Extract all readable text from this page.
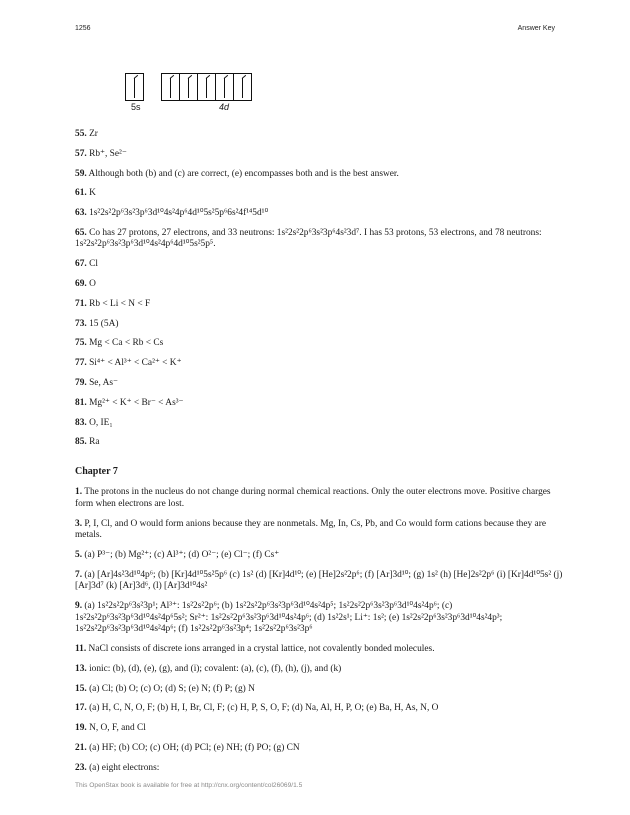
1256	Answer Key
5s	4d
55. Zr
57. Rb⁺, Se²⁻
59. Although both (b) and (c) are correct, (e) encompasses both and is the best answer.
61. K
63. 1s²2s²2p⁶3s²3p⁶3d¹⁰4s²4p⁶4d¹⁰5s²5p⁶6s²4f¹⁴5d¹⁰
65. Co has 27 protons, 27 electrons, and 33 neutrons: 1s²2s²2p⁶3s²3p⁶4s²3d⁷. I has 53 protons, 53 electrons, and 78 neutrons: 1s²2s²2p⁶3s²3p⁶3d¹⁰4s²4p⁶4d¹⁰5s²5p⁵.
67. Cl
69. O
71. Rb < Li < N < F
73. 15 (5A)
75. Mg < Ca < Rb < Cs
77. Si⁴⁺ < Al³⁺ < Ca²⁺ < K⁺
79. Se, As⁻
81. Mg²⁺ < K⁺ < Br⁻ < As³⁻
83. O, IE₁
85. Ra
Chapter 7
1. The protons in the nucleus do not change during normal chemical reactions. Only the outer electrons move. Positive charges form when electrons are lost.
3. P, I, Cl, and O would form anions because they are nonmetals. Mg, In, Cs, Pb, and Co would form cations because they are metals.
5. (a) P³⁻; (b) Mg²⁺; (c) Al³⁺; (d) O²⁻; (e) Cl⁻; (f) Cs⁺
7. (a) [Ar]4s²3d¹⁰4p⁶; (b) [Kr]4d¹⁰5s²5p⁶ (c) 1s² (d) [Kr]4d¹⁰; (e) [He]2s²2p⁶; (f) [Ar]3d¹⁰; (g) 1s² (h) [He]2s²2p⁶ (i) [Kr]4d¹⁰5s² (j) [Ar]3d⁷ (k) [Ar]3d⁶, (l) [Ar]3d¹⁰4s²
9. (a) 1s²2s²2p⁶3s²3p¹; Al³⁺: 1s²2s²2p⁶; (b) 1s²2s²2p⁶3s²3p⁶3d¹⁰4s²4p⁵; 1s²2s²2p⁶3s²3p⁶3d¹⁰4s²4p⁶; (c) 1s²2s²2p⁶3s²3p⁶3d¹⁰4s²4p⁶5s²; Sr²⁺: 1s²2s²2p⁶3s²3p⁶3d¹⁰4s²4p⁶; (d) 1s²2s¹; Li⁺: 1s²; (e) 1s²2s²2p⁶3s²3p⁶3d¹⁰4s²4p³; 1s²2s²2p⁶3s²3p⁶3d¹⁰4s²4p⁶; (f) 1s²2s²2p⁶3s²3p⁴; 1s²2s²2p⁶3s²3p⁶
11. NaCl consists of discrete ions arranged in a crystal lattice, not covalently bonded molecules.
13. ionic: (b), (d), (e), (g), and (i); covalent: (a), (c), (f), (h), (j), and (k)
15. (a) Cl; (b) O; (c) O; (d) S; (e) N; (f) P; (g) N
17. (a) H, C, N, O, F; (b) H, I, Br, Cl, F; (c) H, P, S, O, F; (d) Na, Al, H, P, O; (e) Ba, H, As, N, O
19. N, O, F, and Cl
21. (a) HF; (b) CO; (c) OH; (d) PCl; (e) NH; (f) PO; (g) CN
23. (a) eight electrons:
This OpenStax book is available for free at http://cnx.org/content/col26069/1.5
